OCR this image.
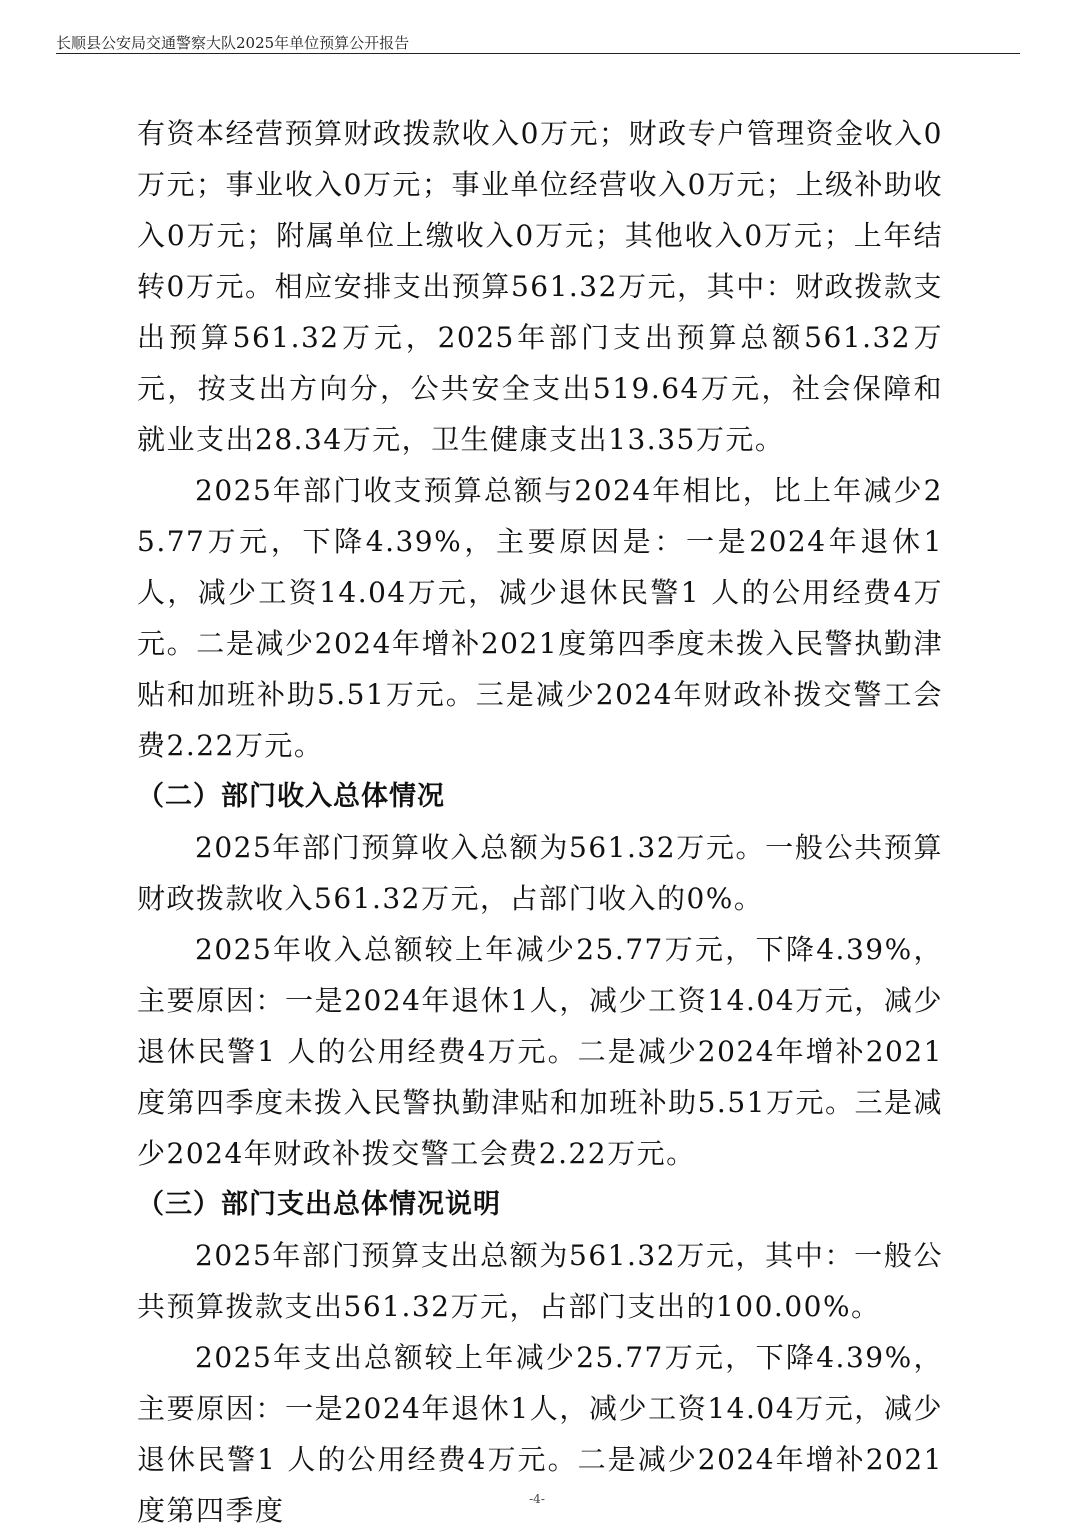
长顺县公安局交通警察大队2025年单位预算公开报告

有资本经营预算财政拨款收入0万元；财政专户管理资金收入0万元；事业收入0万元；事业单位经营收入0万元；上级补助收入0万元；附属单位上缴收入0万元；其他收入0万元；上年结转0万元。相应安排支出预算561.32万元，其中：财政拨款支出预算561.32万元，2025年部门支出预算总额561.32万元，按支出方向分，公共安全支出519.64万元，社会保障和就业支出28.34万元，卫生健康支出13.35万元。

2025年部门收支预算总额与2024年相比，比上年减少25.77万元，下降4.39%，主要原因是：一是2024年退休1人，减少工资14.04万元，减少退休民警1 人的公用经费4万元。二是减少2024年增补2021度第四季度未拨入民警执勤津贴和加班补助5.51万元。三是减少2024年财政补拨交警工会费2.22万元。

（二）部门收入总体情况

2025年部门预算收入总额为561.32万元。一般公共预算财政拨款收入561.32万元，占部门收入的0%。

2025年收入总额较上年减少25.77万元，下降4.39%，主要原因：一是2024年退休1人，减少工资14.04万元，减少退休民警1 人的公用经费4万元。二是减少2024年增补2021度第四季度未拨入民警执勤津贴和加班补助5.51万元。三是减少2024年财政补拨交警工会费2.22万元。

（三）部门支出总体情况说明

2025年部门预算支出总额为561.32万元，其中：一般公共预算拨款支出561.32万元，占部门支出的100.00%。

2025年支出总额较上年减少25.77万元，下降4.39%，主要原因：一是2024年退休1人，减少工资14.04万元，减少退休民警1 人的公用经费4万元。二是减少2024年增补2021度第四季度	-4-
